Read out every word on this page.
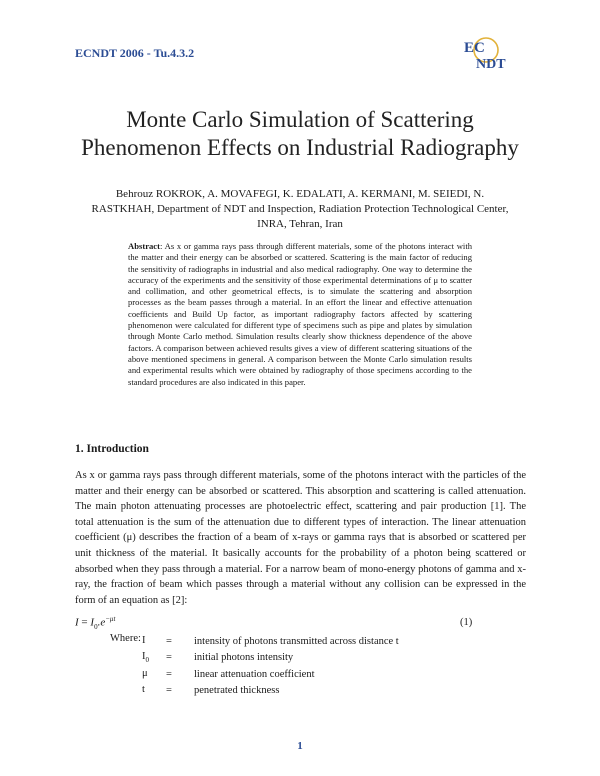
ECNDT 2006 - Tu.4.3.2	EC
NDT
Monte Carlo Simulation of Scattering
Phenomenon Effects on Industrial Radiography
Behrouz ROKROK, A. MOVAFEGI, K. EDALATI, A. KERMANI, M. SEIEDI, N.
RASTKHAH, Department of NDT and Inspection, Radiation Protection Technological Center,
INRA, Tehran, Iran
Abstract: As x or gamma rays pass through different materials, some of the photons interact with the matter and their energy can be absorbed or scattered. Scattering is the main factor of reducing the sensitivity of radiographs in industrial and also medical radiography. One way to determine the accuracy of the experiments and the sensitivity of those experimental determinations of μ to scatter and collimation, and other geometrical effects, is to simulate the scattering and absorption processes as the beam passes through a material. In an effort the linear and effective attenuation coefficients and Build Up factor, as important radiography factors affected by scattering phenomenon were calculated for different type of specimens such as pipe and plates by simulation through Monte Carlo method. Simulation results clearly show thickness dependence of the above factors. A comparison between achieved results gives a view of different scattering situations of the above mentioned specimens in general. A comparison between the Monte Carlo simulation results and experimental results which were obtained by radiography of those specimens according to the standard procedures are also indicated in this paper.
1. Introduction

As x or gamma rays pass through different materials, some of the photons interact with the particles of the matter and their energy can be absorbed or scattered. This absorption and scattering is called attenuation. The main photon attenuating processes are photoelectric effect, scattering and pair production [1]. The total attenuation is the sum of the attenuation due to different types of interaction. The linear attenuation coefficient (μ) describes the fraction of a beam of x-rays or gamma rays that is absorbed or scattered per unit thickness of the material. It basically accounts for the probability of a photon being scattered or absorbed when they pass through a material. For a narrow beam of mono-energy photons of gamma and x-ray, the fraction of beam which passes through a material without any collision can be expressed in the form of an equation as [2]:

$I = I_0.e^{-\mu t}$	(1)
Where: I	=	intensity of photons transmitted across distance t
$I_0$	=	initial photons intensity
μ	=	linear attenuation coefficient
t	=	penetrated thickness
1
